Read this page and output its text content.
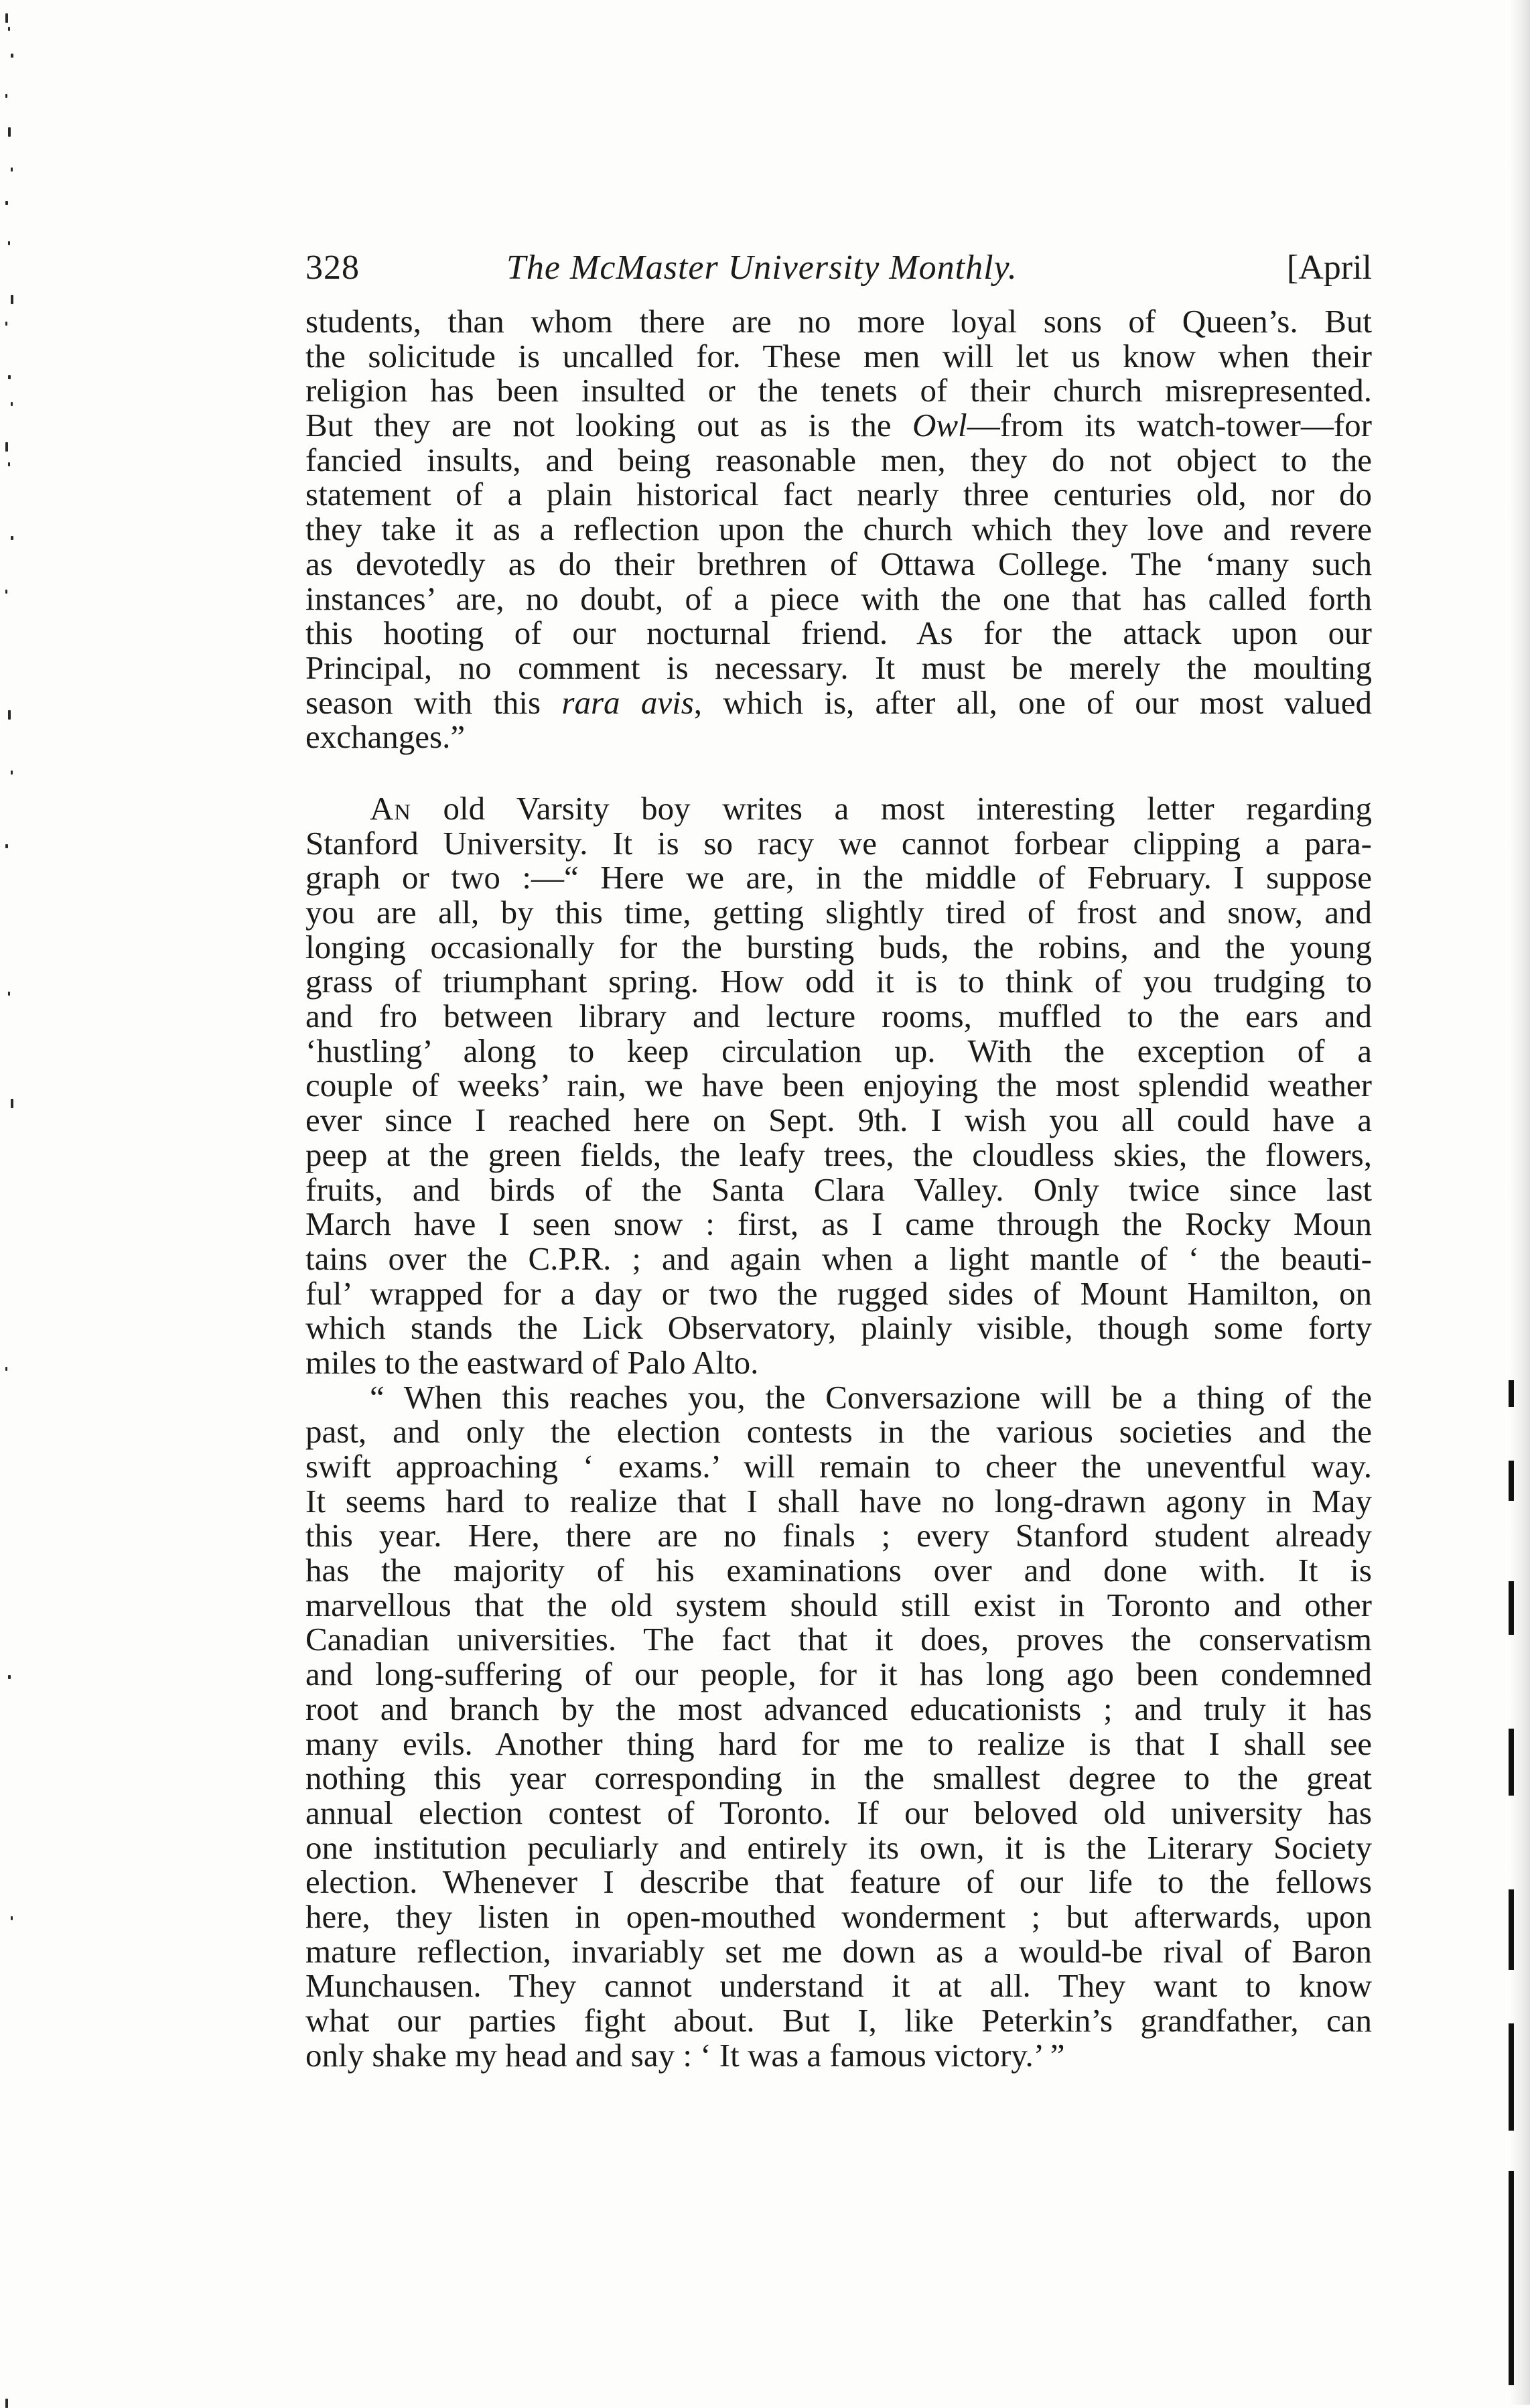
328	The McMaster University Monthly.	[April
students, than whom there are no more loyal sons of Queen’s. But
the solicitude is uncalled for. These men will let us know when their
religion has been insulted or the tenets of their church misrepresented.
But they are not looking out as is the Owl—from its watch-tower—for
fancied insults, and being reasonable men, they do not object to the
statement of a plain historical fact nearly three centuries old, nor do
they take it as a reflection upon the church which they love and revere
as devotedly as do their brethren of Ottawa College. The ‘many such
instances’ are, no doubt, of a piece with the one that has called forth
this hooting of our nocturnal friend. As for the attack upon our
Principal, no comment is necessary. It must be merely the moulting
season with this rara avis, which is, after all, one of our most valued
exchanges.”
An old Varsity boy writes a most interesting letter regarding
Stanford University. It is so racy we cannot forbear clipping a para-
graph or two :—“ Here we are, in the middle of February. I suppose
you are all, by this time, getting slightly tired of frost and snow, and
longing occasionally for the bursting buds, the robins, and the young
grass of triumphant spring. How odd it is to think of you trudging to
and fro between library and lecture rooms, muffled to the ears and
‘hustling’ along to keep circulation up. With the exception of a
couple of weeks’ rain, we have been enjoying the most splendid weather
ever since I reached here on Sept. 9th. I wish you all could have a
peep at the green fields, the leafy trees, the cloudless skies, the flowers,
fruits, and birds of the Santa Clara Valley. Only twice since last
March have I seen snow : first, as I came through the Rocky Moun
tains over the C.P.R. ; and again when a light mantle of ‘ the beauti-
ful’ wrapped for a day or two the rugged sides of Mount Hamilton, on
which stands the Lick Observatory, plainly visible, though some forty
miles to the eastward of Palo Alto.
“ When this reaches you, the Conversazione will be a thing of the
past, and only the election contests in the various societies and the
swift approaching ‘ exams.’ will remain to cheer the uneventful way.
It seems hard to realize that I shall have no long-drawn agony in May
this year. Here, there are no finals ; every Stanford student already
has the majority of his examinations over and done with. It is
marvellous that the old system should still exist in Toronto and other
Canadian universities. The fact that it does, proves the conservatism
and long-suffering of our people, for it has long ago been condemned
root and branch by the most advanced educationists ; and truly it has
many evils. Another thing hard for me to realize is that I shall see
nothing this year corresponding in the smallest degree to the great
annual election contest of Toronto. If our beloved old university has
one institution peculiarly and entirely its own, it is the Literary Society
election. Whenever I describe that feature of our life to the fellows
here, they listen in open-mouthed wonderment ; but afterwards, upon
mature reflection, invariably set me down as a would-be rival of Baron
Munchausen. They cannot understand it at all. They want to know
what our parties fight about. But I, like Peterkin’s grandfather, can
only shake my head and say : ‘ It was a famous victory.’ ”
